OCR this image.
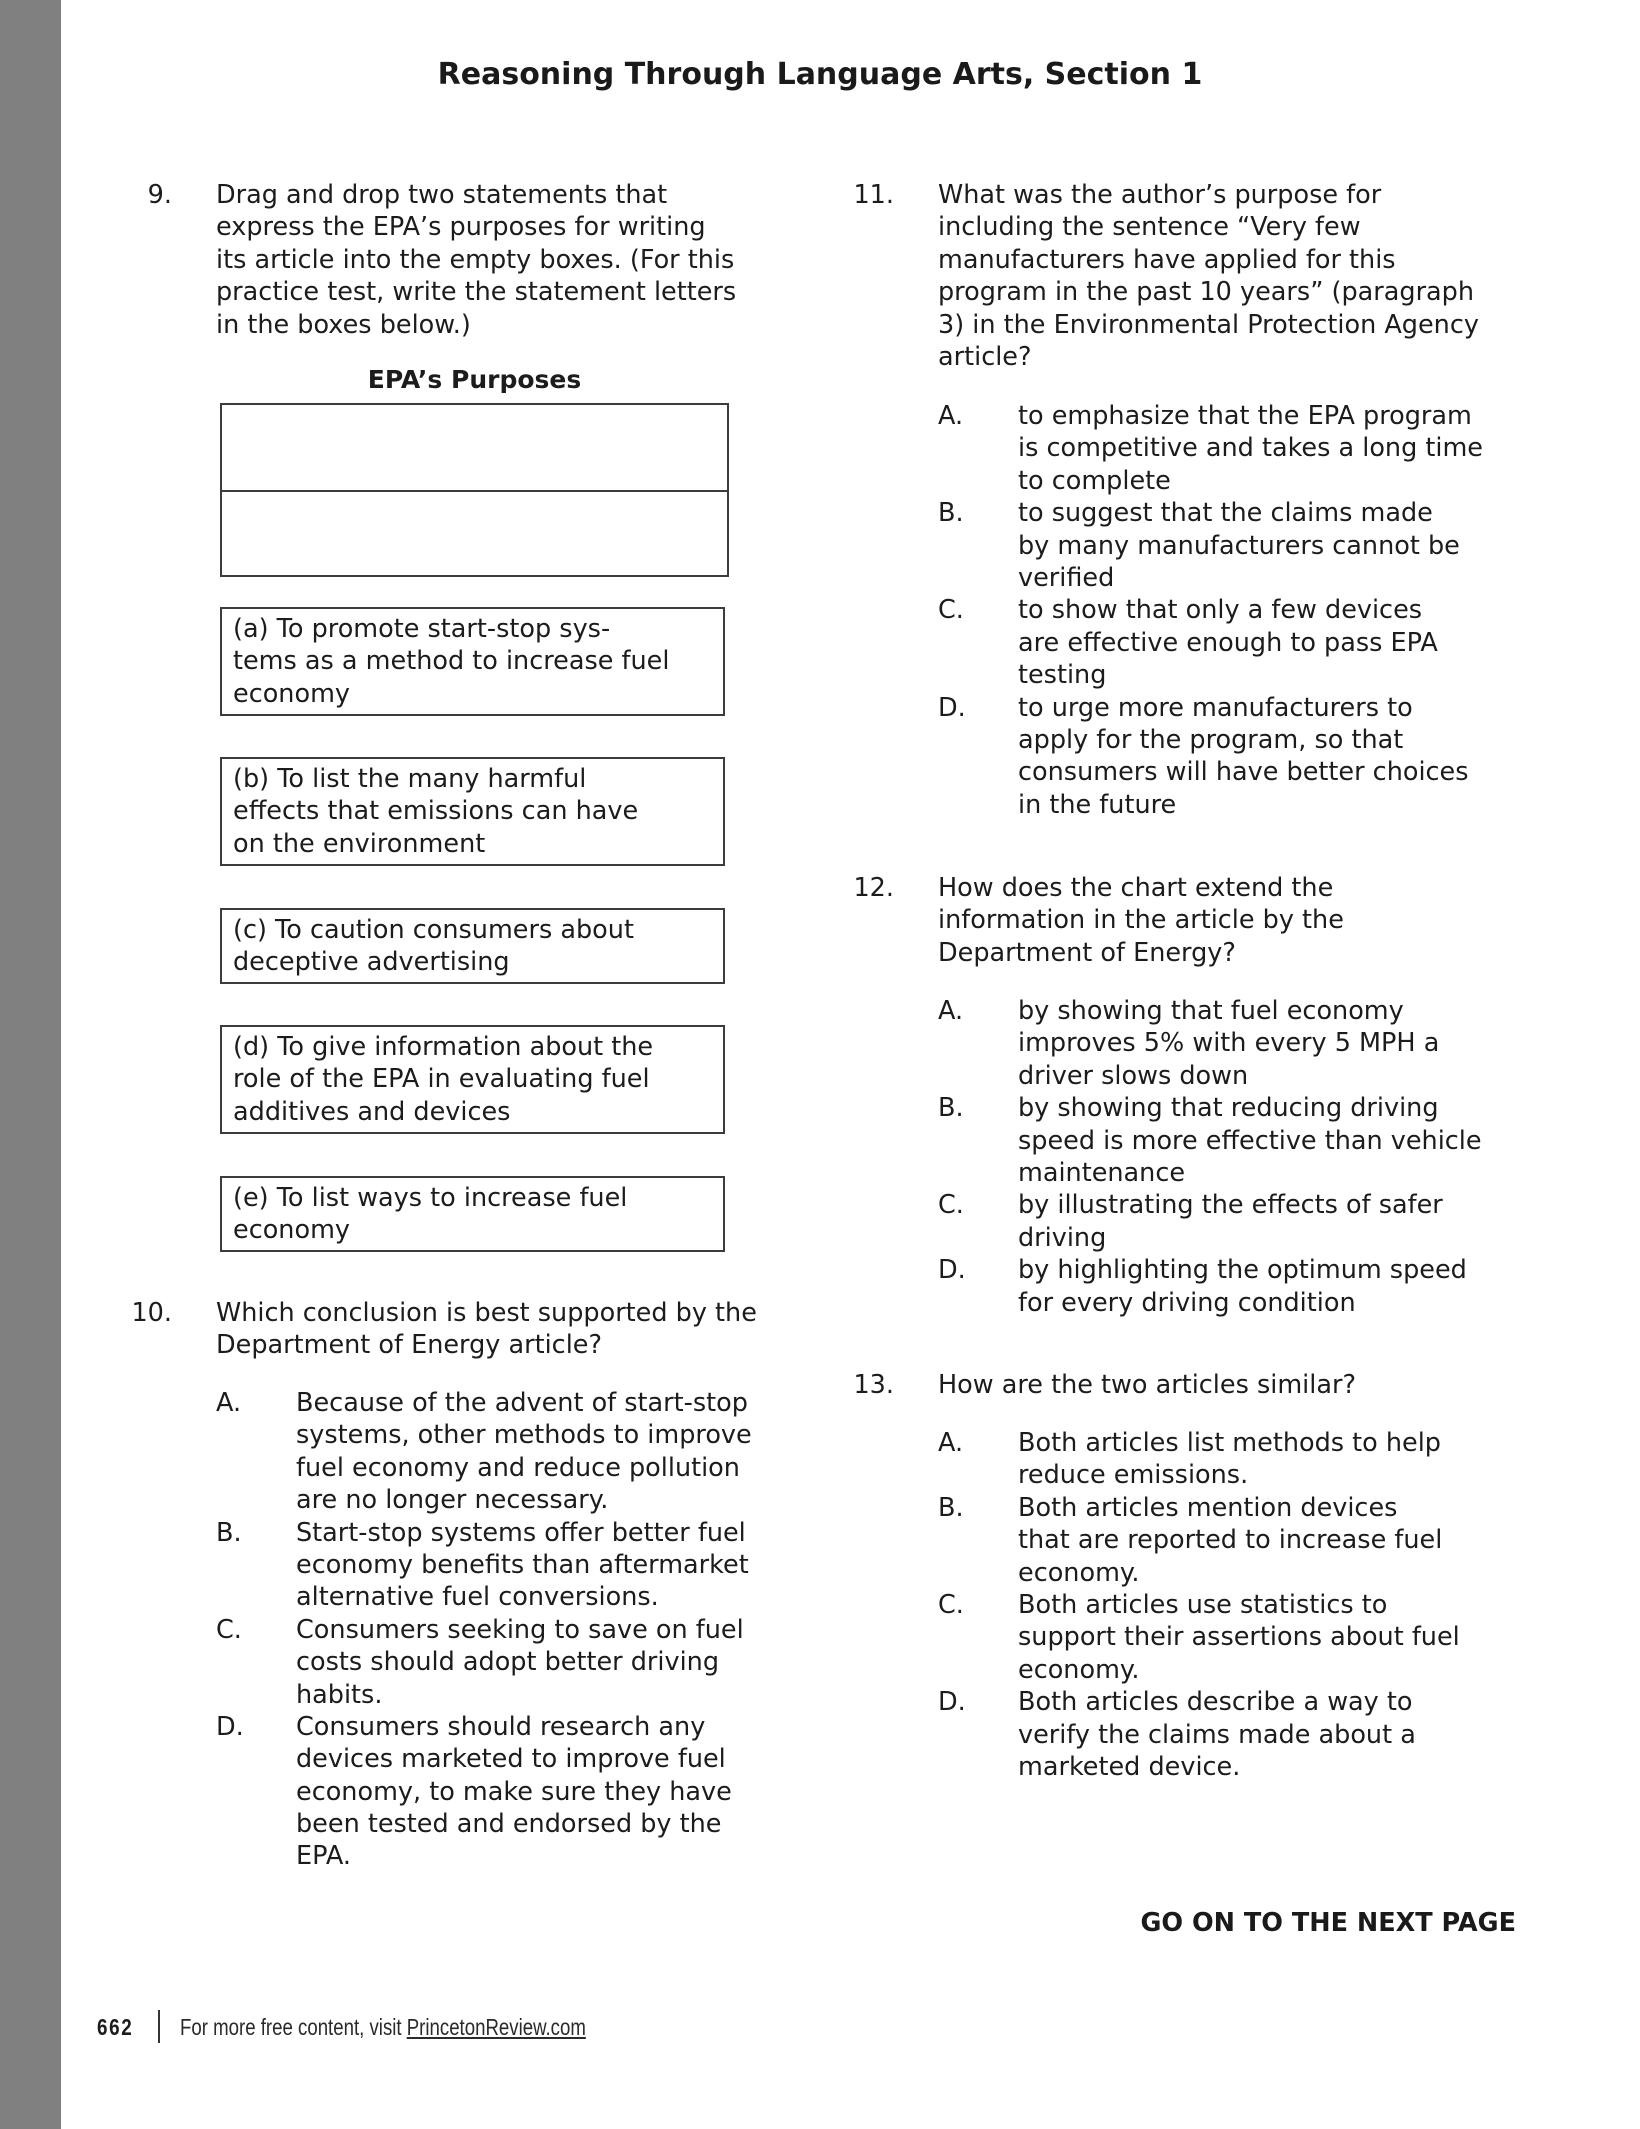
Reasoning Through Language Arts, Section 1
9. Drag and drop two statements that
express the EPA’s purposes for writing
its article into the empty boxes. (For this
practice test, write the statement letters
in the boxes below.)
EPA’s Purposes
(a) To promote start-stop sys-
tems as a method to increase fuel
economy
(b) To list the many harmful
effects that emissions can have
on the environment
(c) To caution consumers about
deceptive advertising
(d) To give information about the
role of the EPA in evaluating fuel
additives and devices
(e) To list ways to increase fuel
economy
10. Which conclusion is best supported by the
Department of Energy article?
A. Because of the advent of start-stop
systems, other methods to improve
fuel economy and reduce pollution
are no longer necessary.
B. Start-stop systems offer better fuel
economy benefits than aftermarket
alternative fuel conversions.
C. Consumers seeking to save on fuel
costs should adopt better driving
habits.
D. Consumers should research any
devices marketed to improve fuel
economy, to make sure they have
been tested and endorsed by the
EPA.
11. What was the author’s purpose for
including the sentence “Very few
manufacturers have applied for this
program in the past 10 years” (paragraph
3) in the Environmental Protection Agency
article?
A. to emphasize that the EPA program
is competitive and takes a long time
to complete
B. to suggest that the claims made
by many manufacturers cannot be
verified
C. to show that only a few devices
are effective enough to pass EPA
testing
D. to urge more manufacturers to
apply for the program, so that
consumers will have better choices
in the future
12. How does the chart extend the
information in the article by the
Department of Energy?
A. by showing that fuel economy
improves 5% with every 5 MPH a
driver slows down
B. by showing that reducing driving
speed is more effective than vehicle
maintenance
C. by illustrating the effects of safer
driving
D. by highlighting the optimum speed
for every driving condition
13. How are the two articles similar?
A. Both articles list methods to help
reduce emissions.
B. Both articles mention devices
that are reported to increase fuel
economy.
C. Both articles use statistics to
support their assertions about fuel
economy.
D. Both articles describe a way to
verify the claims made about a
marketed device.
GO ON TO THE NEXT PAGE
662 For more free content, visit PrincetonReview.com
